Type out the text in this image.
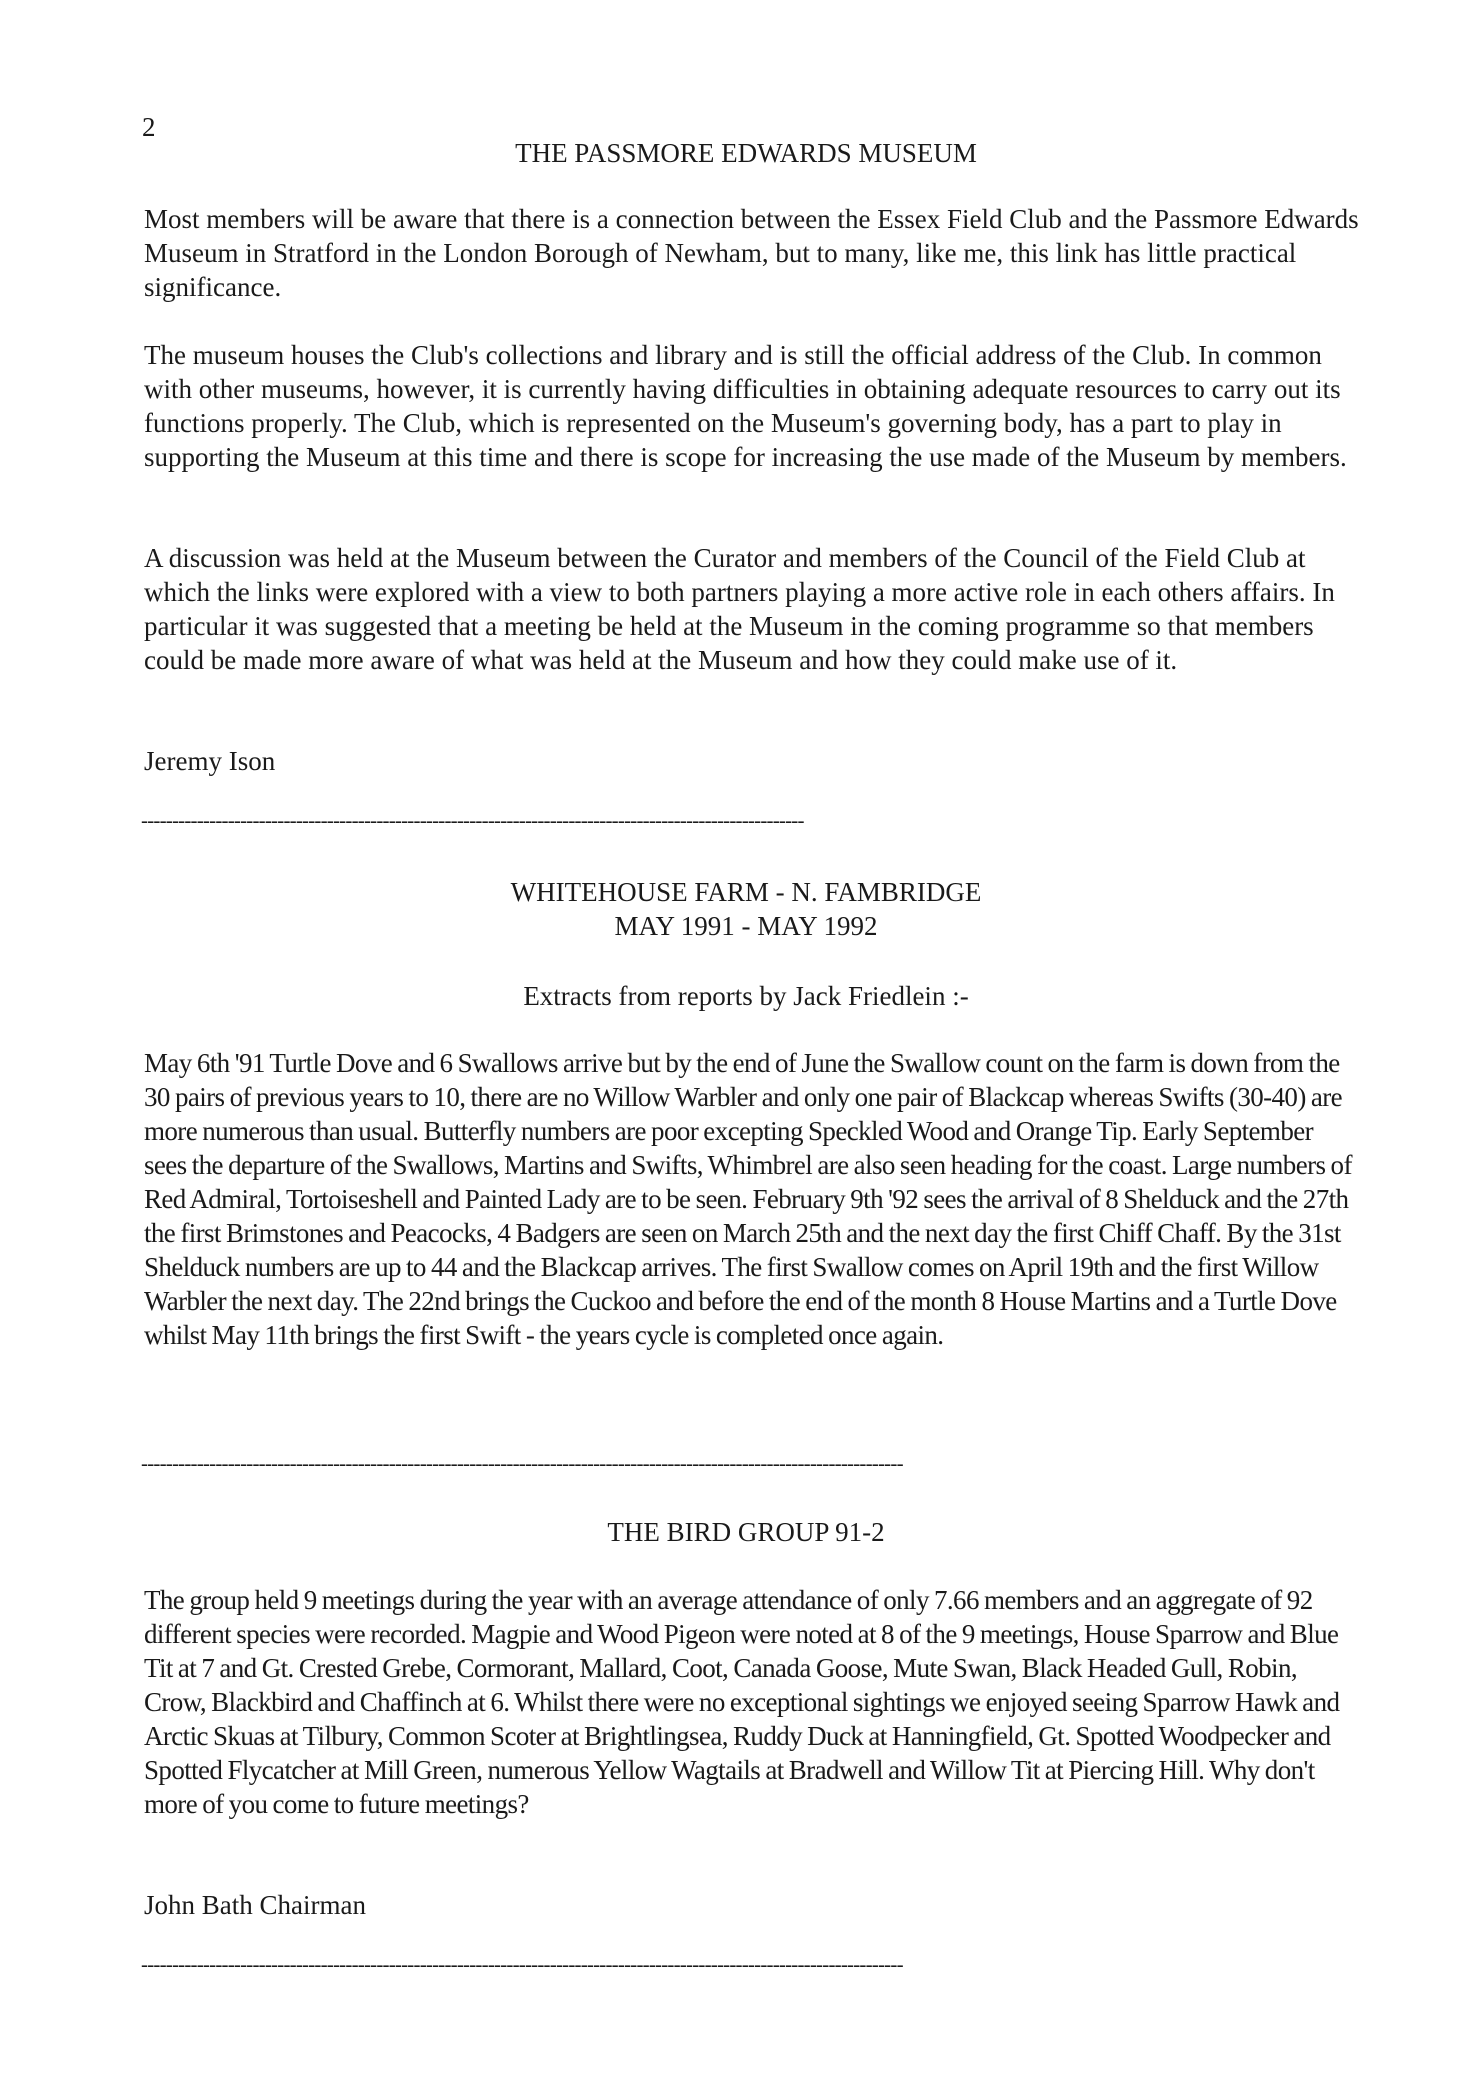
2
THE PASSMORE EDWARDS MUSEUM

Most members will be aware that there is a connection between the Essex Field Club and the Passmore Edwards Museum in Stratford in the London Borough of Newham, but to many, like me, this link has little practical significance.

The museum houses the Club's collections and library and is still the official address of the Club. In common with other museums, however, it is currently having difficulties in obtaining adequate resources to carry out its functions properly. The Club, which is represented on the Museum's governing body, has a part to play in supporting the Museum at this time and there is scope for increasing the use made of the Museum by members.

A discussion was held at the Museum between the Curator and members of the Council of the Field Club at which the links were explored with a view to both partners playing a more active role in each others affairs. In particular it was suggested that a meeting be held at the Museum in the coming programme so that members could be made more aware of what was held at the Museum and how they could make use of it.

Jeremy Ison
-----------------------------------------------------------------------------------------------------------
WHITEHOUSE FARM - N. FAMBRIDGE
MAY 1991 - MAY 1992
Extracts from reports by Jack Friedlein :-

May 6th '91 Turtle Dove and 6 Swallows arrive but by the end of June the Swallow count on the farm is down from the 30 pairs of previous years to 10, there are no Willow Warbler and only one pair of Blackcap whereas Swifts (30-40) are more numerous than usual. Butterfly numbers are poor excepting Speckled Wood and Orange Tip. Early September sees the departure of the Swallows, Martins and Swifts, Whimbrel are also seen heading for the coast. Large numbers of Red Admiral, Tortoiseshell and Painted Lady are to be seen. February 9th '92 sees the arrival of 8 Shelduck and the 27th the first Brimstones and Peacocks, 4 Badgers are seen on March 25th and the next day the first Chiff Chaff. By the 31st Shelduck numbers are up to 44 and the Blackcap arrives. The first Swallow comes on April 19th and the first Willow Warbler the next day. The 22nd brings the Cuckoo and before the end of the month 8 House Martins and a Turtle Dove whilst May 11th brings the first Swift - the years cycle is completed once again.

---------------------------------------------------------------------------------------------------------------------------
THE BIRD GROUP 91-2

The group held 9 meetings during the year with an average attendance of only 7.66 members and an aggregate of 92 different species were recorded. Magpie and Wood Pigeon were noted at 8 of the 9 meetings, House Sparrow and Blue Tit at 7 and Gt. Crested Grebe, Cormorant, Mallard, Coot, Canada Goose, Mute Swan, Black Headed Gull, Robin, Crow, Blackbird and Chaffinch at 6. Whilst there were no exceptional sightings we enjoyed seeing Sparrow Hawk and Arctic Skuas at Tilbury, Common Scoter at Brightlingsea, Ruddy Duck at Hanningfield, Gt. Spotted Woodpecker and Spotted Flycatcher at Mill Green, numerous Yellow Wagtails at Bradwell and Willow Tit at Piercing Hill. Why don't more of you come to future meetings?

John Bath Chairman
---------------------------------------------------------------------------------------------------------------------------
